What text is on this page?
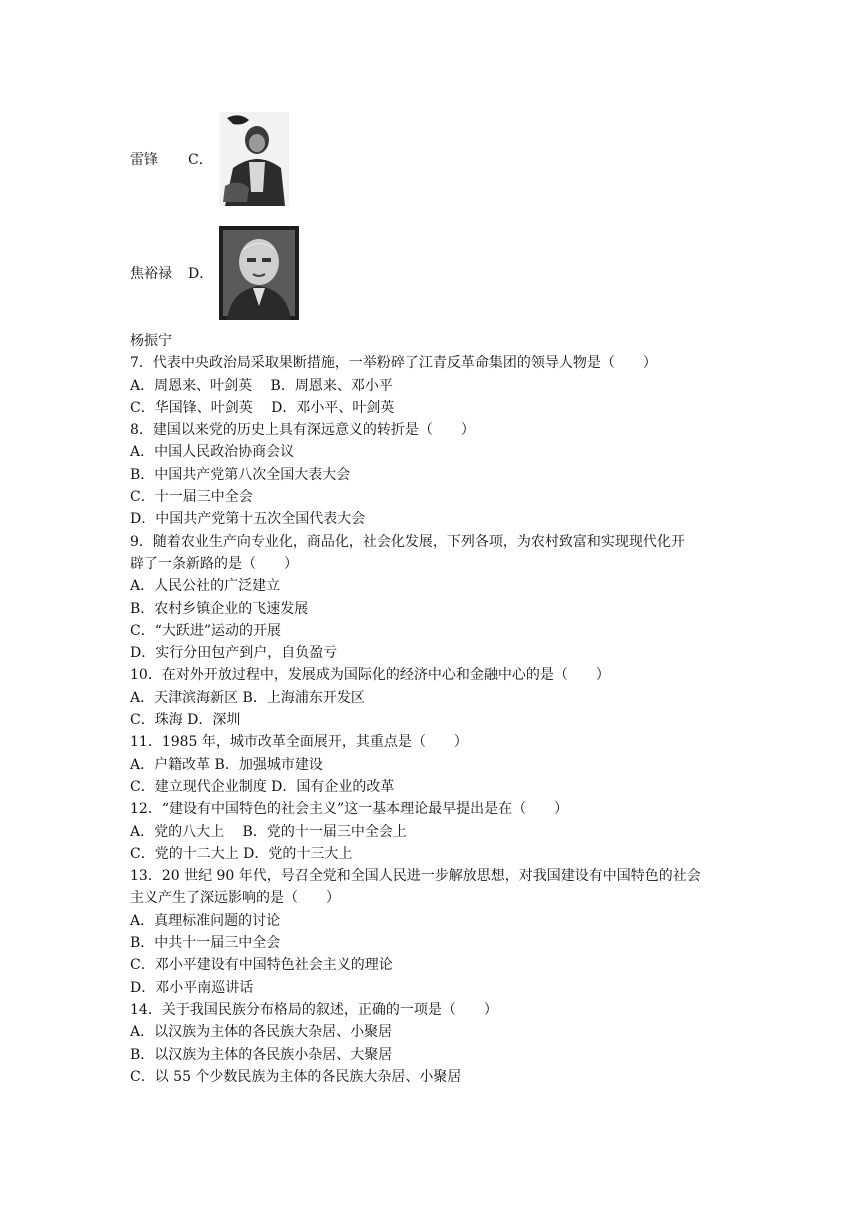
雷锋 C．
焦裕禄 D．
杨振宁
7．代表中央政治局采取果断措施，一举粉碎了江青反革命集团的领导人物是（　　）
A．周恩来、叶剑英　 B．周恩来、邓小平
C．华国锋、叶剑英　 D．邓小平、叶剑英
8．建国以来党的历史上具有深远意义的转折是（　　）
A．中国人民政治协商会议
B．中国共产党第八次全国大表大会
C．十一届三中全会
D．中国共产党第十五次全国代表大会
9．随着农业生产向专业化，商品化，社会化发展，下列各项，为农村致富和实现现代化开
辟了一条新路的是（　　）
A．人民公社的广泛建立
B．农村乡镇企业的飞速发展
C．“大跃进”运动的开展
D．实行分田包产到户，自负盈亏
10．在对外开放过程中，发展成为国际化的经济中心和金融中心的是（　　）
A．天津滨海新区 B．上海浦东开发区
C．珠海 D．深圳
11．1985 年，城市改革全面展开，其重点是（　　）
A．户籍改革 B．加强城市建设
C．建立现代企业制度 D．国有企业的改革
12．“建设有中国特色的社会主义”这一基本理论最早提出是在（　　）
A．党的八大上　 B．党的十一届三中全会上
C．党的十二大上 D．党的十三大上
13．20 世纪 90 年代，号召全党和全国人民进一步解放思想，对我国建设有中国特色的社会
主义产生了深远影响的是（　　）
A．真理标准问题的讨论
B．中共十一届三中全会
C．邓小平建设有中国特色社会主义的理论
D．邓小平南巡讲话
14．关于我国民族分布格局的叙述，正确的一项是（　　）
A．以汉族为主体的各民族大杂居、小聚居
B．以汉族为主体的各民族小杂居、大聚居
C．以 55 个少数民族为主体的各民族大杂居、小聚居
